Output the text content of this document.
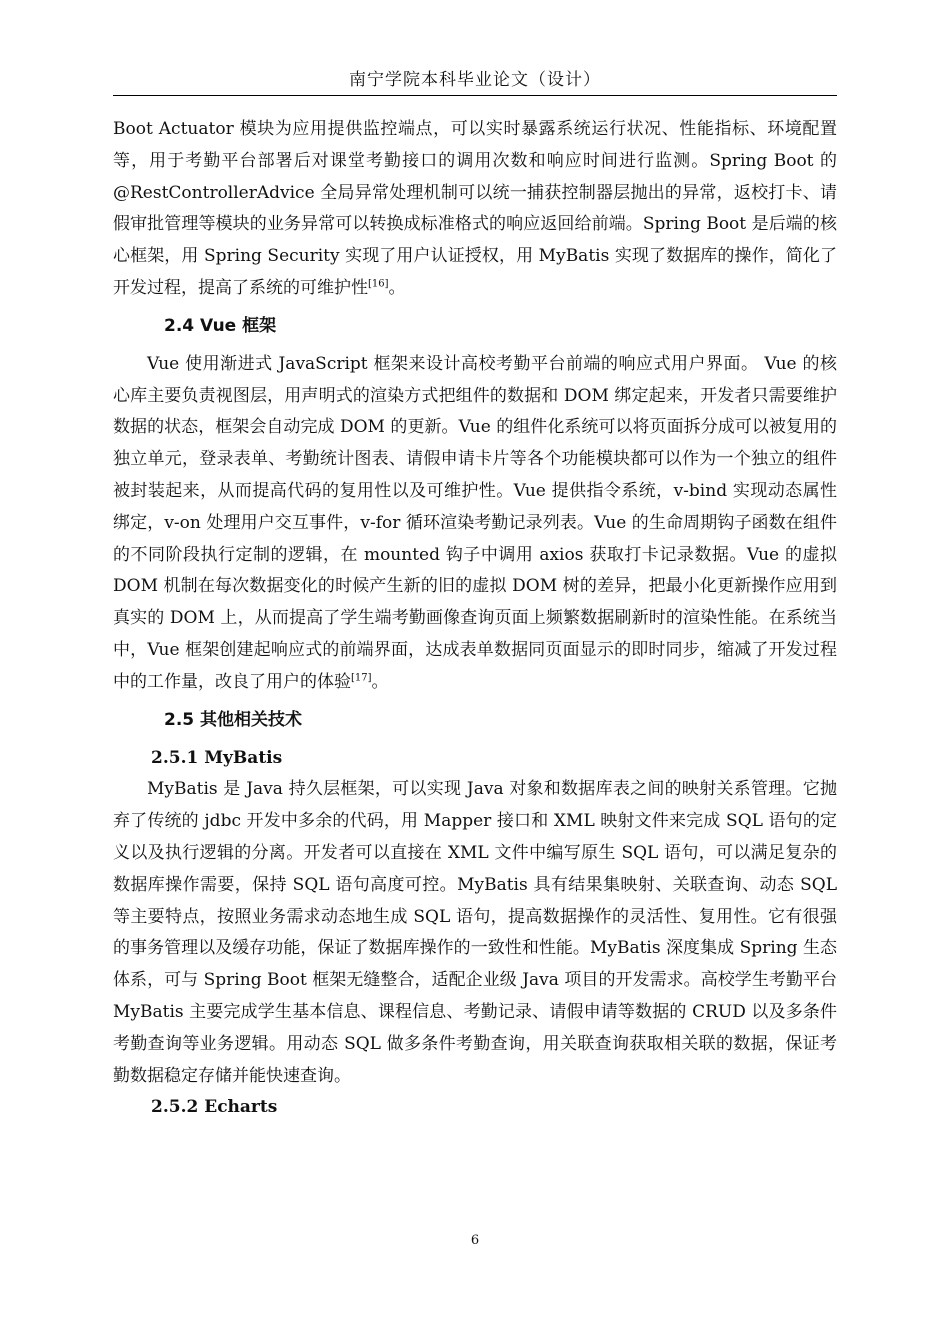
南宁学院本科毕业论文（设计）

Boot Actuator 模块为应用提供监控端点，可以实时暴露系统运行状况、性能指标、环境配置等，用于考勤平台部署后对课堂考勤接口的调用次数和响应时间进行监测。Spring Boot 的@RestControllerAdvice 全局异常处理机制可以统一捕获控制器层抛出的异常，返校打卡、请假审批管理等模块的业务异常可以转换成标准格式的响应返回给前端。Spring Boot 是后端的核心框架，用 Spring Security 实现了用户认证授权，用 MyBatis 实现了数据库的操作，简化了开发过程，提高了系统的可维护性[16]。

2.4 Vue 框架

Vue 使用渐进式 JavaScript 框架来设计高校考勤平台前端的响应式用户界面。 Vue 的核心库主要负责视图层，用声明式的渲染方式把组件的数据和 DOM 绑定起来，开发者只需要维护数据的状态，框架会自动完成 DOM 的更新。Vue 的组件化系统可以将页面拆分成可以被复用的独立单元，登录表单、考勤统计图表、请假申请卡片等各个功能模块都可以作为一个独立的组件被封装起来，从而提高代码的复用性以及可维护性。Vue 提供指令系统，v-bind 实现动态属性绑定，v-on 处理用户交互事件，v-for 循环渲染考勤记录列表。Vue 的生命周期钩子函数在组件的不同阶段执行定制的逻辑，在 mounted 钩子中调用 axios 获取打卡记录数据。Vue 的虚拟 DOM 机制在每次数据变化的时候产生新的旧的虚拟 DOM 树的差异，把最小化更新操作应用到真实的 DOM 上，从而提高了学生端考勤画像查询页面上频繁数据刷新时的渲染性能。在系统当中，Vue 框架创建起响应式的前端界面，达成表单数据同页面显示的即时同步，缩减了开发过程中的工作量，改良了用户的体验[17]。

2.5 其他相关技术
2.5.1 MyBatis

MyBatis 是 Java 持久层框架，可以实现 Java 对象和数据库表之间的映射关系管理。它抛弃了传统的 jdbc 开发中多余的代码，用 Mapper 接口和 XML 映射文件来完成 SQL 语句的定义以及执行逻辑的分离。开发者可以直接在 XML 文件中编写原生 SQL 语句，可以满足复杂的数据库操作需要，保持 SQL 语句高度可控。MyBatis 具有结果集映射、关联查询、动态 SQL 等主要特点，按照业务需求动态地生成 SQL 语句，提高数据操作的灵活性、复用性。它有很强的事务管理以及缓存功能，保证了数据库操作的一致性和性能。MyBatis 深度集成 Spring 生态体系，可与 Spring Boot 框架无缝整合，适配企业级 Java 项目的开发需求。高校学生考勤平台 MyBatis 主要完成学生基本信息、课程信息、考勤记录、请假申请等数据的 CRUD 以及多条件考勤查询等业务逻辑。用动态 SQL 做多条件考勤查询，用关联查询获取相关联的数据，保证考勤数据稳定存储并能快速查询。

2.5.2 Echarts
6
